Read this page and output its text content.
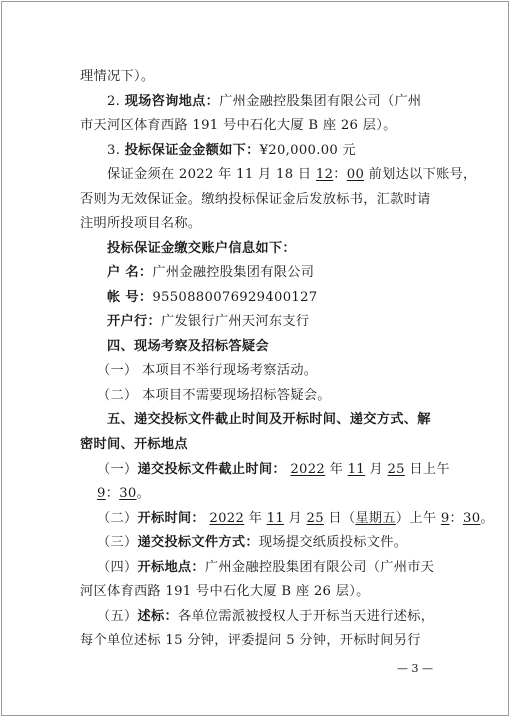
理情况下）。
2. 现场咨询地点：广州金融控股集团有限公司（广州
市天河区体育西路 191 号中石化大厦 B 座 26 层）。
3. 投标保证金金额如下：¥20,000.00 元
保证金须在 2022 年 11 月 18 日 12：00 前划达以下账号，
否则为无效保证金。缴纳投标保证金后发放标书，汇款时请
注明所投项目名称。
投标保证金缴交账户信息如下：
户 名：广州金融控股集团有限公司
帐 号：9550880076929400127
开户行：广发银行广州天河东支行
四、现场考察及招标答疑会
（一） 本项目不举行现场考察活动。
（二） 本项目不需要现场招标答疑会。
五、递交投标文件截止时间及开标时间、递交方式、解
密时间、开标地点
（一）递交投标文件截止时间： 2022 年 11 月 25 日上午
9：30。
（二）开标时间： 2022 年 11 月 25 日（星期五）上午 9：30。
（三）递交投标文件方式：现场提交纸质投标文件。
（四）开标地点：广州金融控股集团有限公司（广州市天
河区体育西路 191 号中石化大厦 B 座 26 层）。
（五）述标：各单位需派被授权人于开标当天进行述标，
每个单位述标 15 分钟，评委提问 5 分钟，开标时间另行
— 3 —
